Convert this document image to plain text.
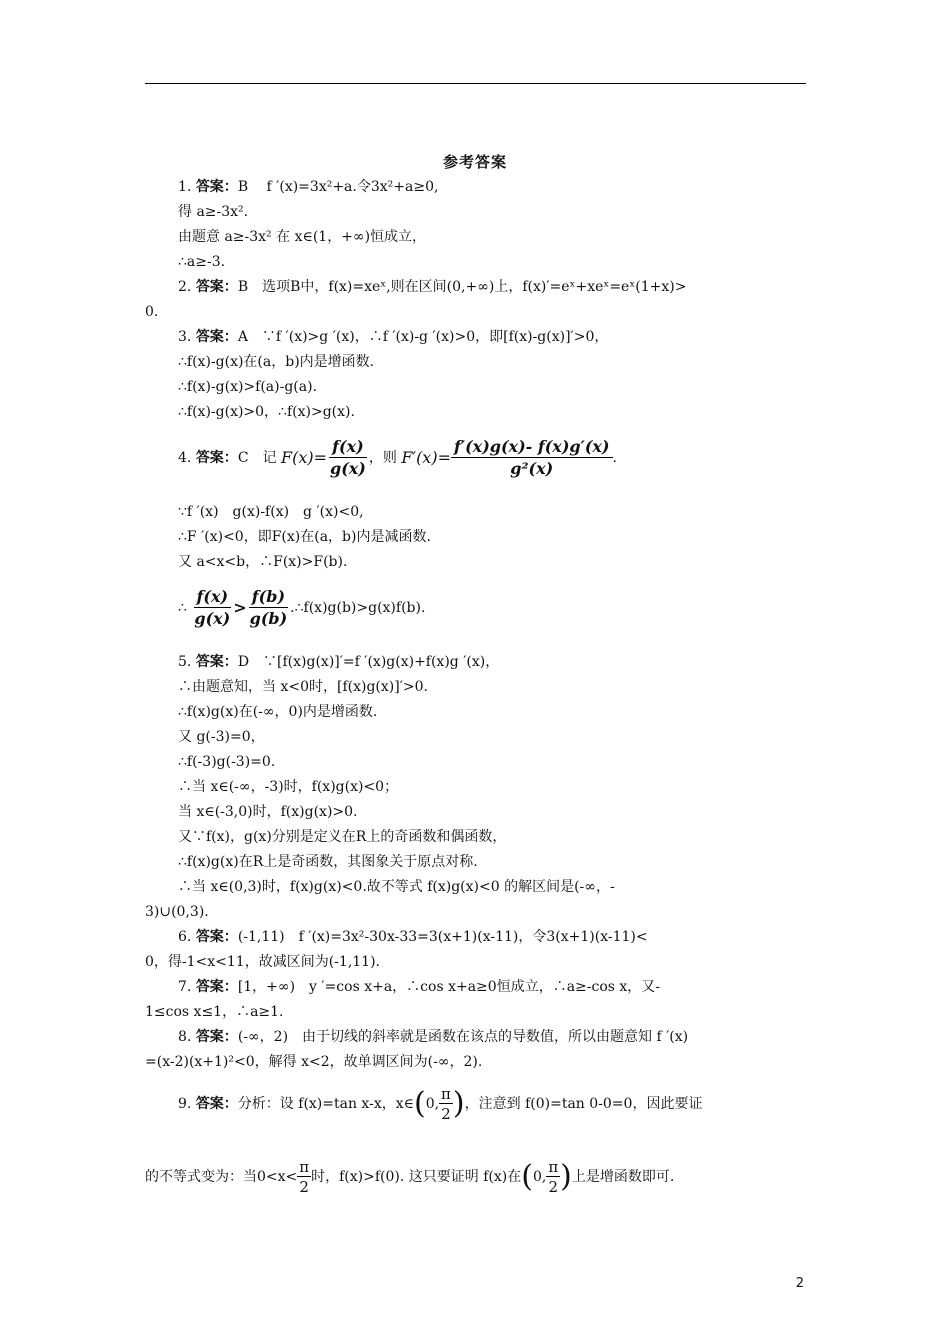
参考答案
1. 答案：B　 f ′(x)=3x²+a.令3x²+a≥0,
得 a≥-3x².
由题意 a≥-3x² 在 x∈(1，+∞)恒成立，
∴a≥-3.
2. 答案：B　选项B中，f(x)=xeˣ,则在区间(0,+∞)上，f(x)′=eˣ+xeˣ=eˣ(1+x)>
0.
3. 答案：A　∵f ′(x)>g ′(x)，∴f ′(x)-g ′(x)>0，即[f(x)-g(x)]′>0，
∴f(x)-g(x)在(a，b)内是增函数.
∴f(x)-g(x)>f(a)-g(a).
∴f(x)-g(x)>0，∴f(x)>g(x).
4. 答案：C　记 $F(x)= \frac{f(x)}{g(x)}$ ，则 $F'(x)= \frac{f'(x)g(x)- f(x)g'(x)}{\text{g²(x)}}$ .
∵f ′(x)　g(x)-f(x)　g ′(x)<0,
∴F ′(x)<0，即F(x)在(a，b)内是减函数.
又 a<x<b，∴F(x)>F(b).
∴ $\frac{f(x)}{g(x)} > \frac{f(b)}{g(b)}$ .∴f(x)g(b)>g(x)f(b).
5. 答案：D　∵[f(x)g(x)]′=f ′(x)g(x)+f(x)g ′(x)，
∴由题意知，当 x<0时，[f(x)g(x)]′>0.
∴f(x)g(x)在(-∞，0)内是增函数.
又 g(-3)=0，
∴f(-3)g(-3)=0.
∴当 x∈(-∞，-3)时，f(x)g(x)<0；
当 x∈(-3,0)时，f(x)g(x)>0.
又∵f(x)，g(x)分别是定义在R上的奇函数和偶函数，
∴f(x)g(x)在R上是奇函数，其图象关于原点对称.
∴当 x∈(0,3)时，f(x)g(x)<0.故不等式 f(x)g(x)<0 的解区间是(-∞，-
3)∪(0,3).
6. 答案：(-1,11)　f ′(x)=3x²-30x-33=3(x+1)(x-11)，令3(x+1)(x-11)<
0，得-1<x<11，故减区间为(-1,11).
7. 答案：[1，+∞)　y ′=cos x+a，∴cos x+a≥0恒成立，∴a≥-cos x，又-
1≤cos x≤1，∴a≥1.
8. 答案：(-∞，2)　由于切线的斜率就是函数在该点的导数值，所以由题意知 f ′(x)
=(x-2)(x+1)²<0，解得 x<2，故单调区间为(-∞，2).
9. 答案：分析：设 f(x)=tan x-x，x∈(0, $\frac{\pi}{2}$ )，注意到 f(0)=tan 0-0=0，因此要证
的不等式变为：当$0<x< \frac{\pi}{2}$ 时，f(x)>f(0). 这只要证明 f(x)在(0, $\frac{\pi}{2}$ )上是增函数即可.
2
